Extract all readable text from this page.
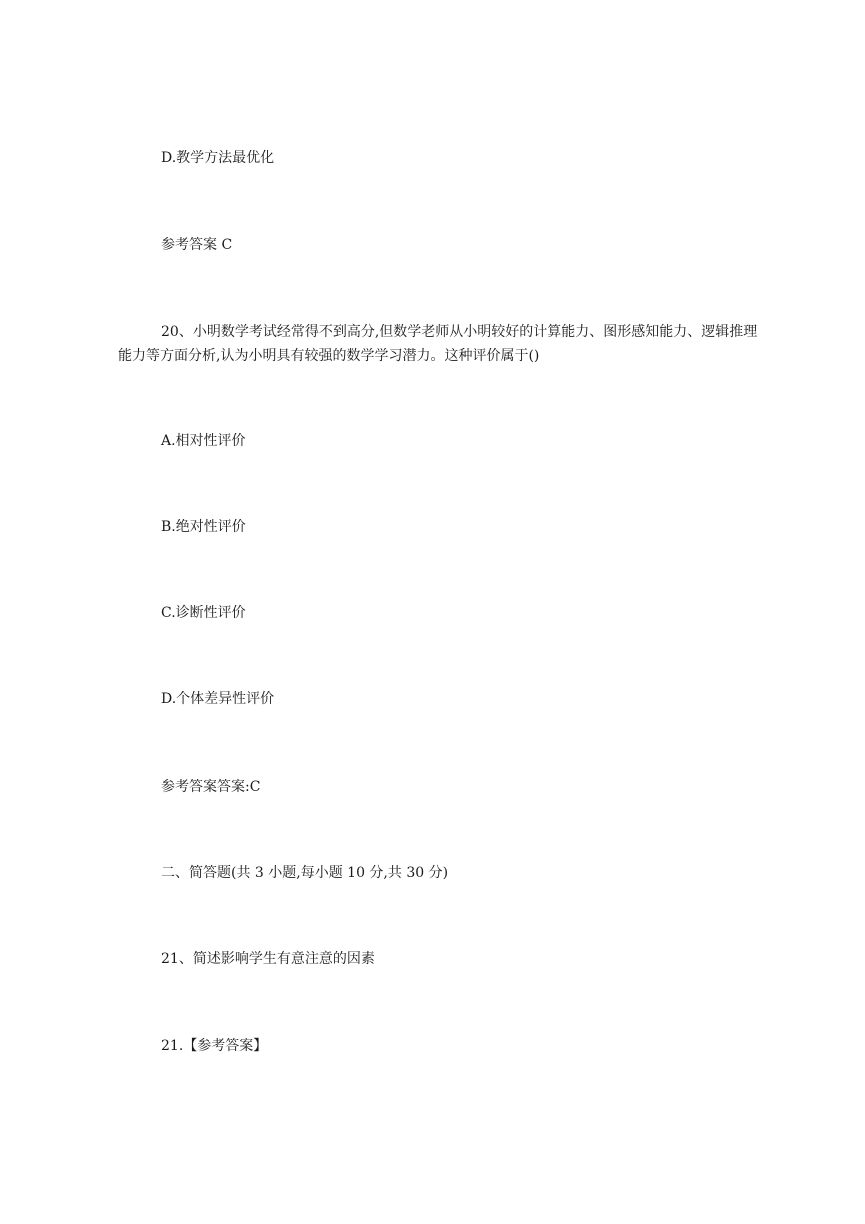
D.教学方法最优化
参考答案 C
20、小明数学考试经常得不到高分,但数学老师从小明较好的计算能力、图形感知能力、逻辑推理能力等方面分析,认为小明具有较强的数学学习潜力。这种评价属于()
A.相对性评价
B.绝对性评价
C.诊断性评价
D.个体差异性评价
参考答案答案:C
二、简答题(共 3 小题,每小题 10 分,共 30 分)
21、简述影响学生有意注意的因素
21.【参考答案】
